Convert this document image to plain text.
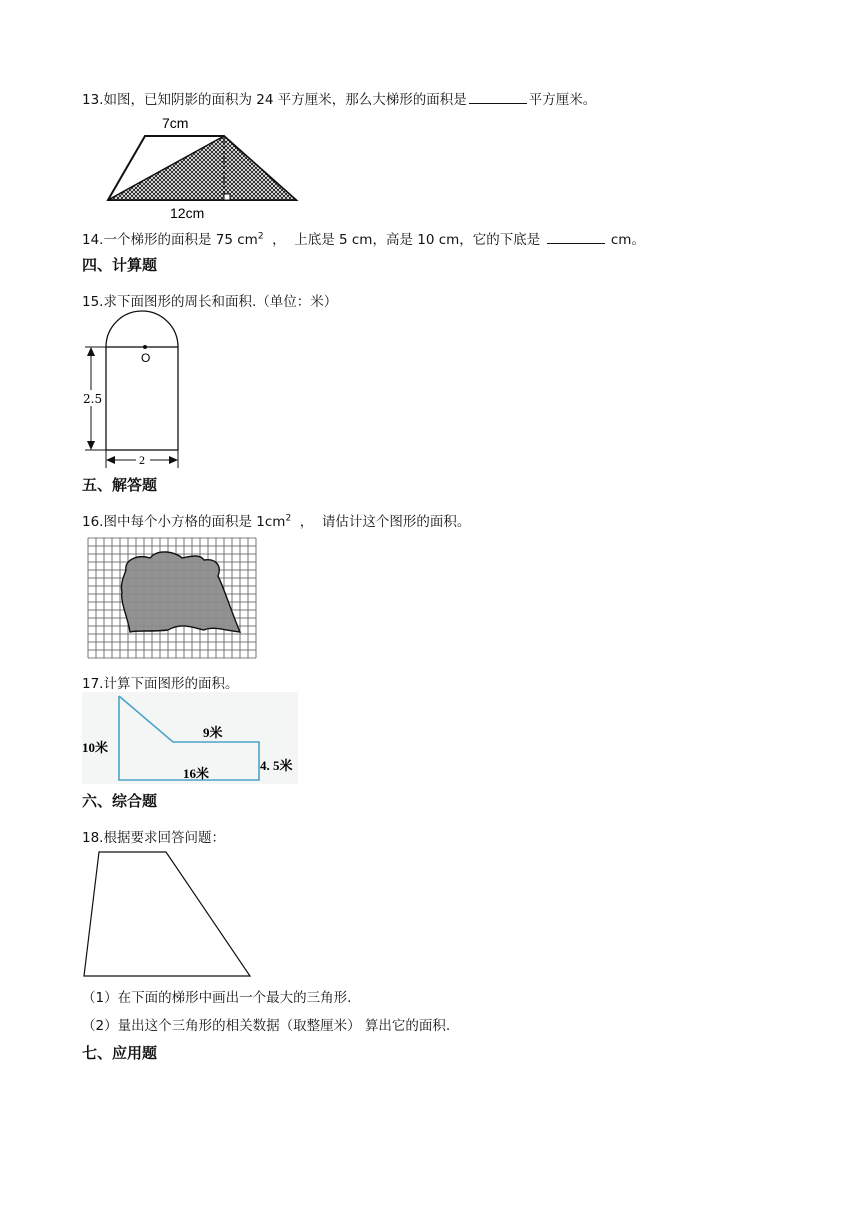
13.如图，已知阴影的面积为 24 平方厘米，那么大梯形的面积是	平方厘米。
7cm
12cm
14.一个梯形的面积是 75 $cm^2$  ，  上底是 5 cm，高是 10 cm，它的下底是	cm。
四、计算题
15.求下面图形的周长和面积.（单位：米）
O
2.5
2
五、解答题
16.图中每个小方格的面积是 $1cm^2$  ，  请估计这个图形的面积。
17.计算下面图形的面积。
10米
9米
16米
4. 5米
六、综合题
18.根据要求回答问题：
（1）在下面的梯形中画出一个最大的三角形.
（2）量出这个三角形的相关数据（取整厘米） 算出它的面积.
七、应用题
